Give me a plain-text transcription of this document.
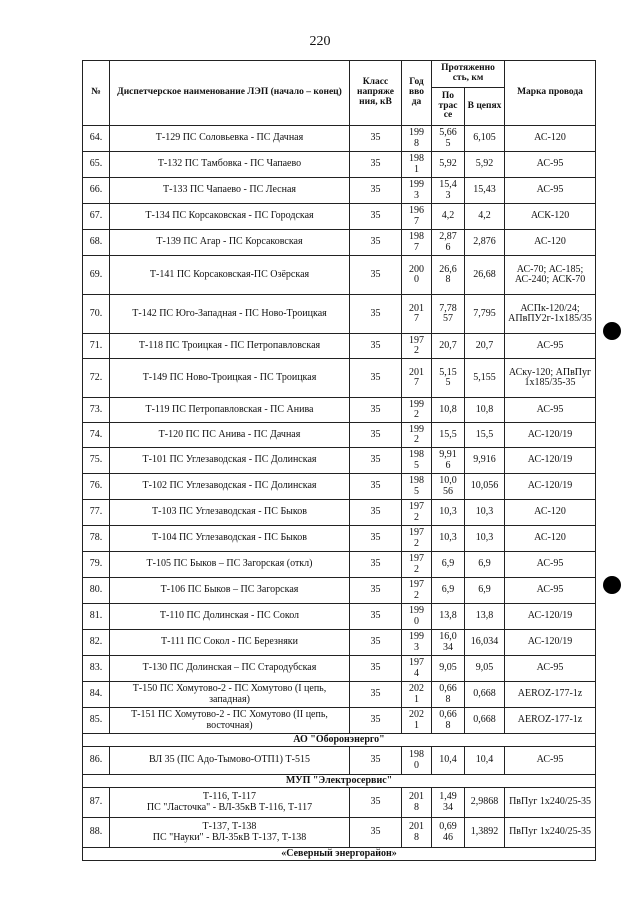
220
№	Диспетчерское наименование ЛЭП (начало – конец)	Класс напряже ния, кВ	Год вво да	Протяженно сть, км		Марка провода
				По трас се	В цепях	
64.	Т-129 ПС Соловьевка - ПС Дачная	35	1998	5,665	6,105	АС-120
65.	Т-132 ПС Тамбовка - ПС Чапаево	35	1981	5,92	5,92	АС-95
66.	Т-133 ПС Чапаево - ПС Лесная	35	1993	15,43	15,43	АС-95
67.	Т-134 ПС Корсаковская - ПС Городская	35	1967	4,2	4,2	АСК-120
68.	Т-139 ПС Агар - ПС Корсаковская	35	1987	2,876	2,876	АС-120
69.	Т-141 ПС Корсаковская-ПС Озёрская	35	2000	26,68	26,68	АС-70; АС-185; АС-240; АСК-70
70.	Т-142 ПС Юго-Западная - ПС Ново-Троицкая	35	2017	7,7857	7,795	АСПк-120/24; АПвПУ2г-1х185/35
71.	Т-118 ПС Троицкая - ПС Петропавловская	35	1972	20,7	20,7	АС-95
72.	Т-149 ПС Ново-Троицкая - ПС Троицкая	35	2017	5,155	5,155	АСку-120; АПвПуг 1х185/35-35
73.	Т-119 ПС Петропавловская - ПС Анива	35	1992	10,8	10,8	АС-95
74.	Т-120 ПС ПС Анива - ПС Дачная	35	1992	15,5	15,5	АС-120/19
75.	Т-101 ПС Углезаводская - ПС Долинская	35	1985	9,916	9,916	АС-120/19
76.	Т-102 ПС Углезаводская - ПС Долинская	35	1985	10,056	10,056	АС-120/19
77.	Т-103 ПС Углезаводская - ПС Быков	35	1972	10,3	10,3	АС-120
78.	Т-104 ПС Углезаводская - ПС Быков	35	1972	10,3	10,3	АС-120
79.	Т-105 ПС Быков – ПС Загорская (откл)	35	1972	6,9	6,9	АС-95
80.	Т-106 ПС Быков – ПС Загорская	35	1972	6,9	6,9	АС-95
81.	Т-110 ПС Долинская - ПС Сокол	35	1990	13,8	13,8	АС-120/19
82.	Т-111 ПС Сокол - ПС Березняки	35	1993	16,034	16,034	АС-120/19
83.	Т-130 ПС Долинская – ПС Стародубская	35	1974	9,05	9,05	АС-95
84.	Т-150 ПС Хомутово-2 - ПС Хомутово (I цепь, западная)	35	2021	0,668	0,668	AEROZ-177-1z
85.	Т-151 ПС Хомутово-2 - ПС Хомутово (II цепь, восточная)	35	2021	0,668	0,668	AEROZ-177-1z
АО "Оборонэнерго"						
86.	ВЛ 35 (ПС Адо-Тымово-ОТП1) Т-515	35	1980	10,4	10,4	АС-95
МУП "Электросервис"						
87.	Т-116, Т-117
ПС "Ласточка" - ВЛ-35кВ Т-116, Т-117	35	2018	1,4934	2,9868	ПвПуг 1х240/25-35
88.	Т-137, Т-138
ПС "Науки" - ВЛ-35кВ Т-137, Т-138	35	2018	0,6946	1,3892	ПвПуг 1х240/25-35
«Северный энергорайон»						
